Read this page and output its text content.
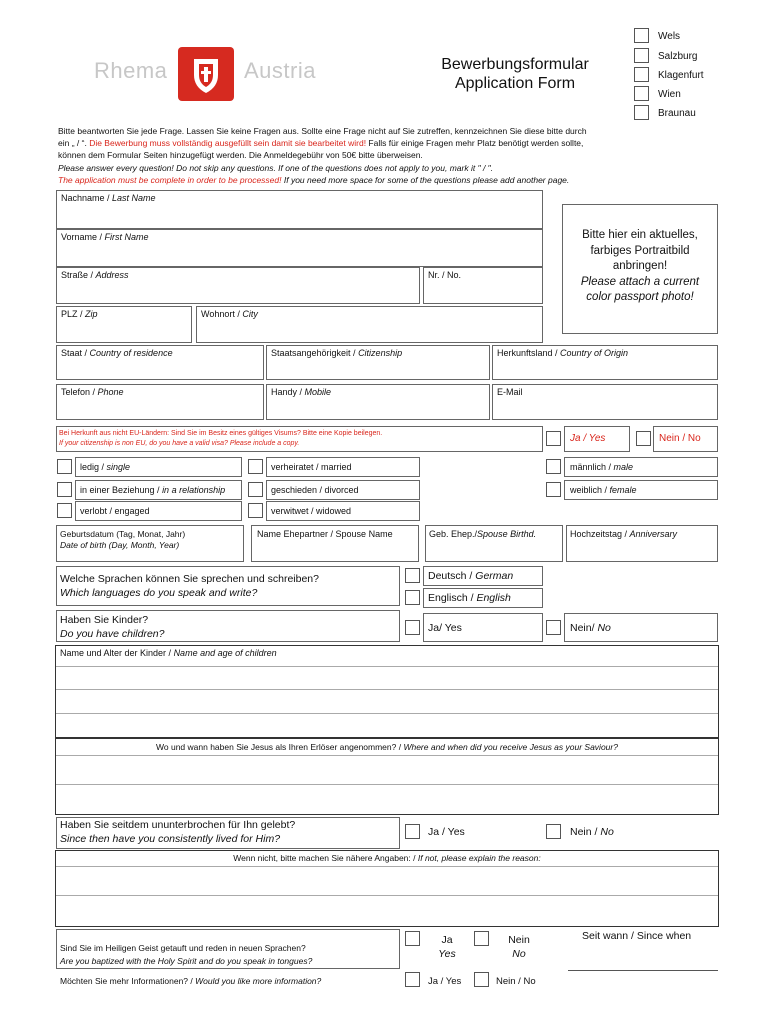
Rhema	Austria	Bewerbungsformular
Application Form
Wels
Salzburg
Klagenfurt
Wien
Braunau
Bitte beantworten Sie jede Frage. Lassen Sie keine Fragen aus. Sollte eine Frage nicht auf Sie zutreffen, kennzeichnen Sie diese bitte durch
ein „ / “. Die Bewerbung muss vollständig ausgefüllt sein damit sie bearbeitet wird! Falls für einige Fragen mehr Platz benötigt werden sollte,
können dem Formular Seiten hinzugefügt werden. Die Anmeldegebühr von 50€ bitte überweisen.
Please answer every question! Do not skip any questions. If one of the questions does not apply to you, mark it " / ".
The application must be complete in order to be processed! If you need more space for some of the questions please add another page.
Nachname / Last Name
Vorname / First Name	Bitte hier ein aktuelles,
farbiges Portraitbild
anbringen!
Please attach a current
color passport photo!
Straße / Address	Nr. / No.
PLZ / Zip	Wohnort / City
Staat / Country of residence	Staatsangehörigkeit / Citizenship	Herkunftsland / Country of Origin
Telefon / Phone	Handy / Mobile	E-Mail
Bei Herkunft aus nicht EU-Ländern: Sind Sie im Besitz eines gültiges Visums? Bitte eine Kopie beilegen.
If your citizenship is non EU, do you have a valid visa? Please include a copy.	Ja / Yes	Nein / No
ledig / single
in einer Beziehung / in a relationship
verlobt / engaged
verheiratet / married
geschieden / divorced
verwitwet / widowed
männlich / male
weiblich / female
Geburtsdatum (Tag, Monat, Jahr)
Date of birth (Day, Month, Year)
Name Ehepartner / Spouse Name	Geb. Ehep./Spouse Birthd.	Hochzeitstag / Anniversary
Welche Sprachen können Sie sprechen und schreiben?
Which languages do you speak and write?
Deutsch / German
Englisch / English
Haben Sie Kinder?
Do you have children?	Ja/ Yes	Nein/ No
Name und Alter der Kinder / Name and age of children
Wo und wann haben Sie Jesus als Ihren Erlöser angenommen? / Where and when did you receive Jesus as your Saviour?
Haben Sie seitdem ununterbrochen für Ihn gelebt?
Since then have you consistently lived for Him?
Ja / Yes	Nein / No
Wenn nicht, bitte machen Sie nähere Angaben: / If not, please explain the reason:
Sind Sie im Heiligen Geist getauft und reden in neuen Sprachen?
Are you baptized with the Holy Spirit and do you speak in tongues?
Ja
Yes
Nein
No
Seit wann / Since when
Möchten Sie mehr Informationen? / Would you like more information?	Ja / Yes	Nein / No
